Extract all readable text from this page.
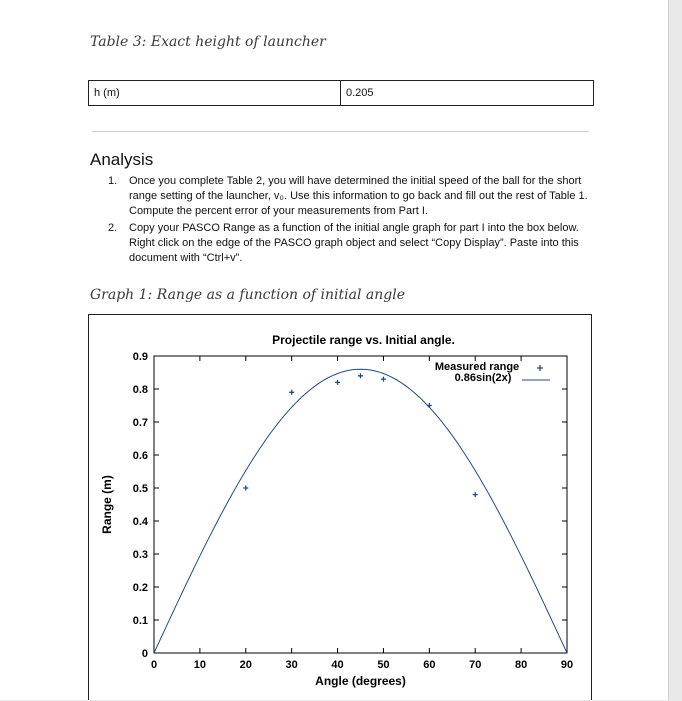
Table 3: Exact height of launcher
h (m)	0.205
Analysis
1. Once you complete Table 2, you will have determined the initial speed of the ball for the short range setting of the launcher, v₀. Use this information to go back and fill out the rest of Table 1. Compute the percent error of your measurements from Part I.
2. Copy your PASCO Range as a function of the initial angle graph for part I into the box below. Right click on the edge of the PASCO graph object and select “Copy Display”. Paste into this document with “Ctrl+v”.
Graph 1: Range as a function of initial angle
Projectile range vs. Initial angle.
0
0.1
0.2
0.3
0.4
0.5
0.6
0.7
0.8
0.9
0	10	20	30	40	50	60	70	80	90
Angle (degrees)
Range (m)
Measured range
0.86sin(2x)
